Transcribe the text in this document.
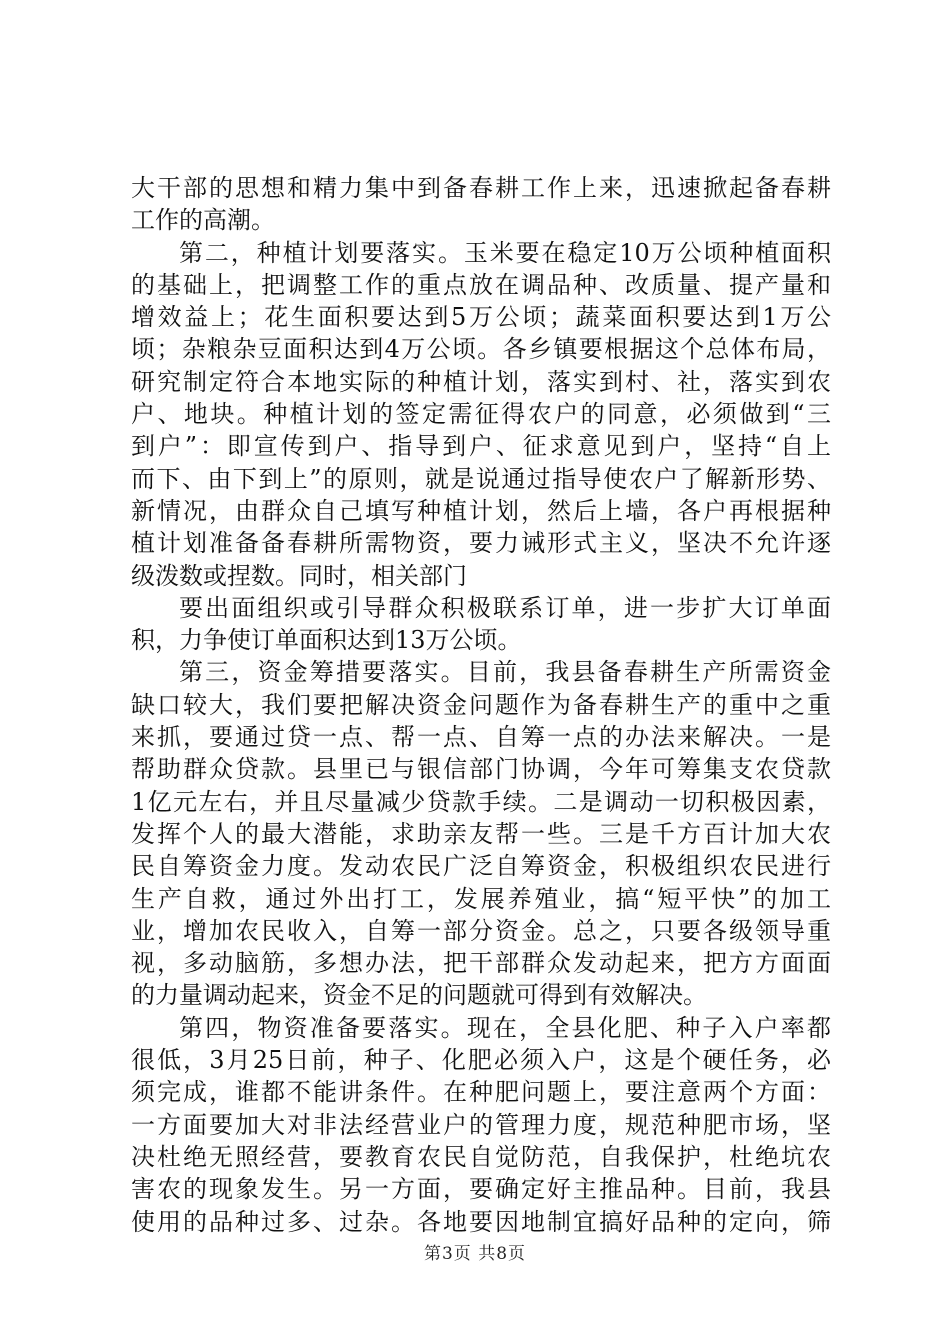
大干部的思想和精力集中到备春耕工作上来，迅速掀起备春耕
工作的高潮。
第二，种植计划要落实。玉米要在稳定10万公顷种植面积
的基础上，把调整工作的重点放在调品种、改质量、提产量和
增效益上；花生面积要达到5万公顷；蔬菜面积要达到1万公
顷；杂粮杂豆面积达到4万公顷。各乡镇要根据这个总体布局，
研究制定符合本地实际的种植计划，落实到村、社，落实到农
户、地块。种植计划的签定需征得农户的同意，必须做到“三
到户”：即宣传到户、指导到户、征求意见到户，坚持“自上
而下、由下到上”的原则，就是说通过指导使农户了解新形势、
新情况，由群众自己填写种植计划，然后上墙，各户再根据种
植计划准备备春耕所需物资，要力诫形式主义，坚决不允许逐
级泼数或捏数。同时，相关部门
要出面组织或引导群众积极联系订单，进一步扩大订单面
积，力争使订单面积达到13万公顷。
第三，资金筹措要落实。目前，我县备春耕生产所需资金
缺口较大，我们要把解决资金问题作为备春耕生产的重中之重
来抓，要通过贷一点、帮一点、自筹一点的办法来解决。一是
帮助群众贷款。县里已与银信部门协调，今年可筹集支农贷款
1亿元左右，并且尽量减少贷款手续。二是调动一切积极因素，
发挥个人的最大潜能，求助亲友帮一些。三是千方百计加大农
民自筹资金力度。发动农民广泛自筹资金，积极组织农民进行
生产自救，通过外出打工，发展养殖业，搞“短平快”的加工
业，增加农民收入，自筹一部分资金。总之，只要各级领导重
视，多动脑筋，多想办法，把干部群众发动起来，把方方面面
的力量调动起来，资金不足的问题就可得到有效解决。
第四，物资准备要落实。现在，全县化肥、种子入户率都
很低，3月25日前，种子、化肥必须入户，这是个硬任务，必
须完成，谁都不能讲条件。在种肥问题上，要注意两个方面：
一方面要加大对非法经营业户的管理力度，规范种肥市场，坚
决杜绝无照经营，要教育农民自觉防范，自我保护，杜绝坑农
害农的现象发生。另一方面，要确定好主推品种。目前，我县
使用的品种过多、过杂。各地要因地制宜搞好品种的定向，筛
第3页 共8页
